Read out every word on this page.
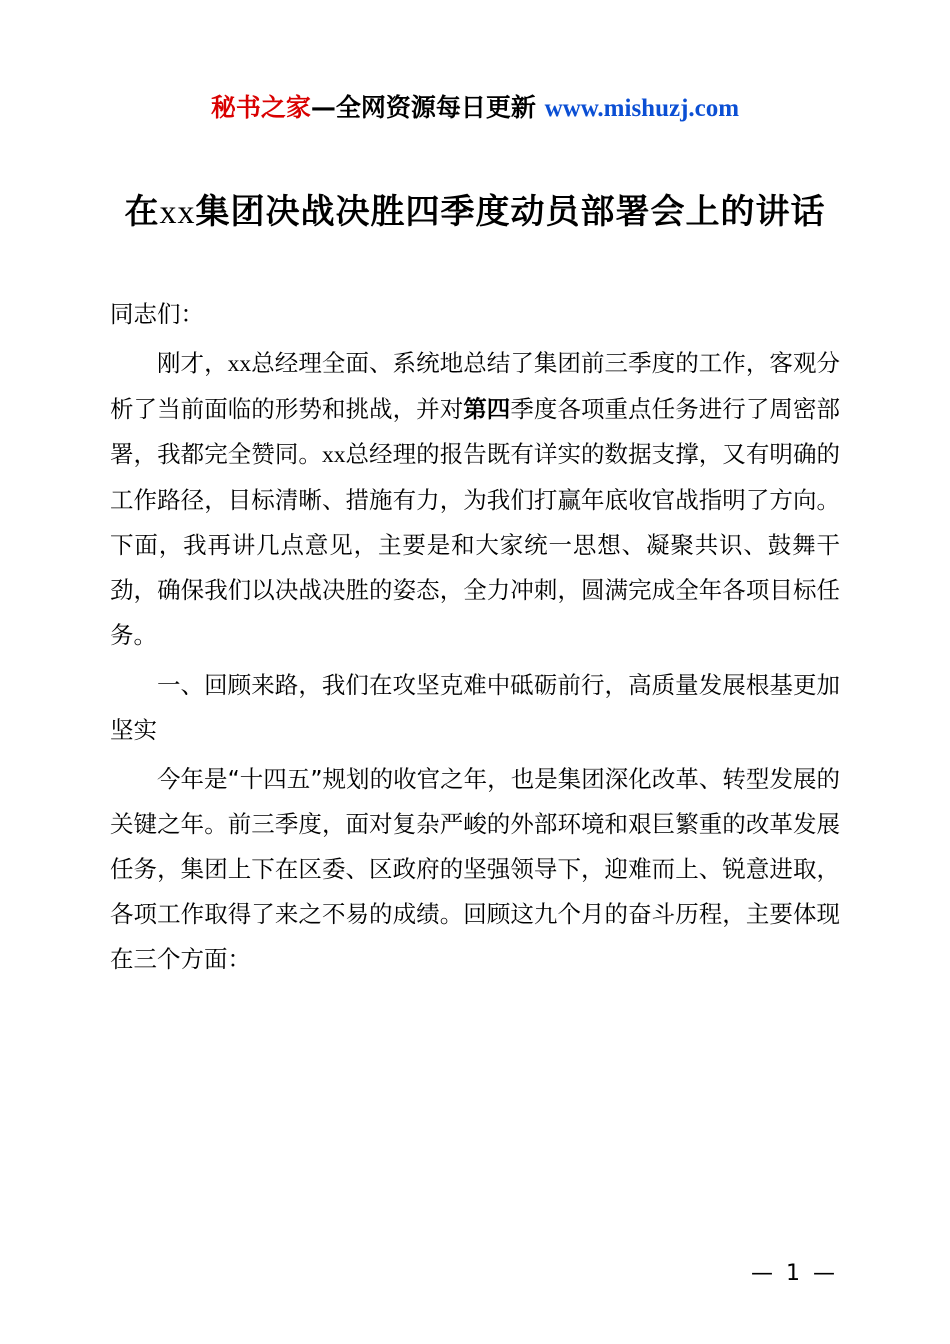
秘书之家—全网资源每日更新 www.mishuzj.com
在xx集团决战决胜四季度动员部署会上的讲话

同志们：

刚才，xx总经理全面、系统地总结了集团前三季度的工作，客观分析了当前面临的形势和挑战，并对第四季度各项重点任务进行了周密部署，我都完全赞同。xx总经理的报告既有详实的数据支撑，又有明确的工作路径，目标清晰、措施有力，为我们打赢年底收官战指明了方向。下面，我再讲几点意见，主要是和大家统一思想、凝聚共识、鼓舞干劲，确保我们以决战决胜的姿态，全力冲刺，圆满完成全年各项目标任务。

一、回顾来路，我们在攻坚克难中砥砺前行，高质量发展根基更加坚实

今年是“十四五”规划的收官之年，也是集团深化改革、转型发展的关键之年。前三季度，面对复杂严峻的外部环境和艰巨繁重的改革发展任务，集团上下在区委、区政府的坚强领导下，迎难而上、锐意进取，各项工作取得了来之不易的成绩。回顾这九个月的奋斗历程，主要体现在三个方面：

— 1 —
